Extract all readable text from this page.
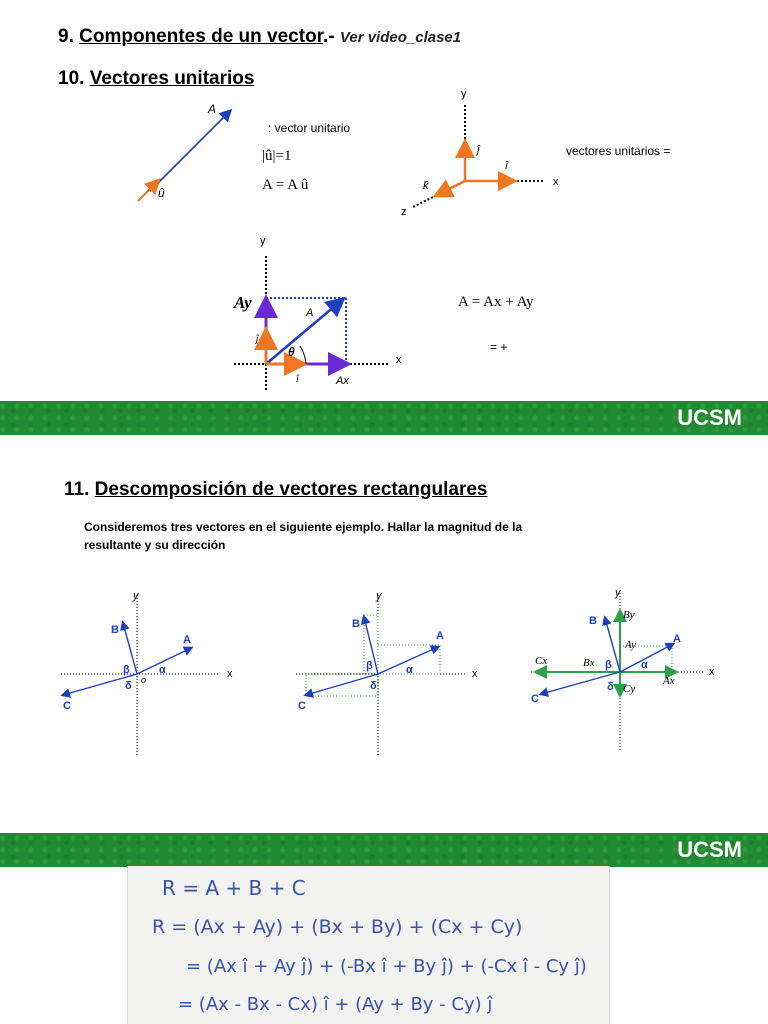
9. Componentes de un vector.- Ver video_clase1
10. Vectores unitarios
: vector unitario
|û|=1
A = A û
vectores unitarios =
A = Ax + Ay
= +
A
û
y
x
z
ĵ
î
k̂
y
x
θ
A
Ay
ĵ
î	Ax
UCSM
11. Descomposición de vectores rectangulares
Consideremos tres vectores en el siguiente ejemplo. Hallar la magnitud de la
resultante y su dirección
y
x
A
B
C
α
β
δ o
y
x
A
B
C
α
β
δ
y
x
A
B
C
α
β
δ
By
Ay
Cx	Bx
Ax
Cy
UCSM
R = A + B + C
R = (Ax + Ay) + (Bx + By) + (Cx + Cy)
= (Ax î + Ay ĵ) + (-Bx î + By ĵ) + (-Cx î - Cy ĵ)
= (Ax - Bx - Cx) î + (Ay + By - Cy) ĵ
